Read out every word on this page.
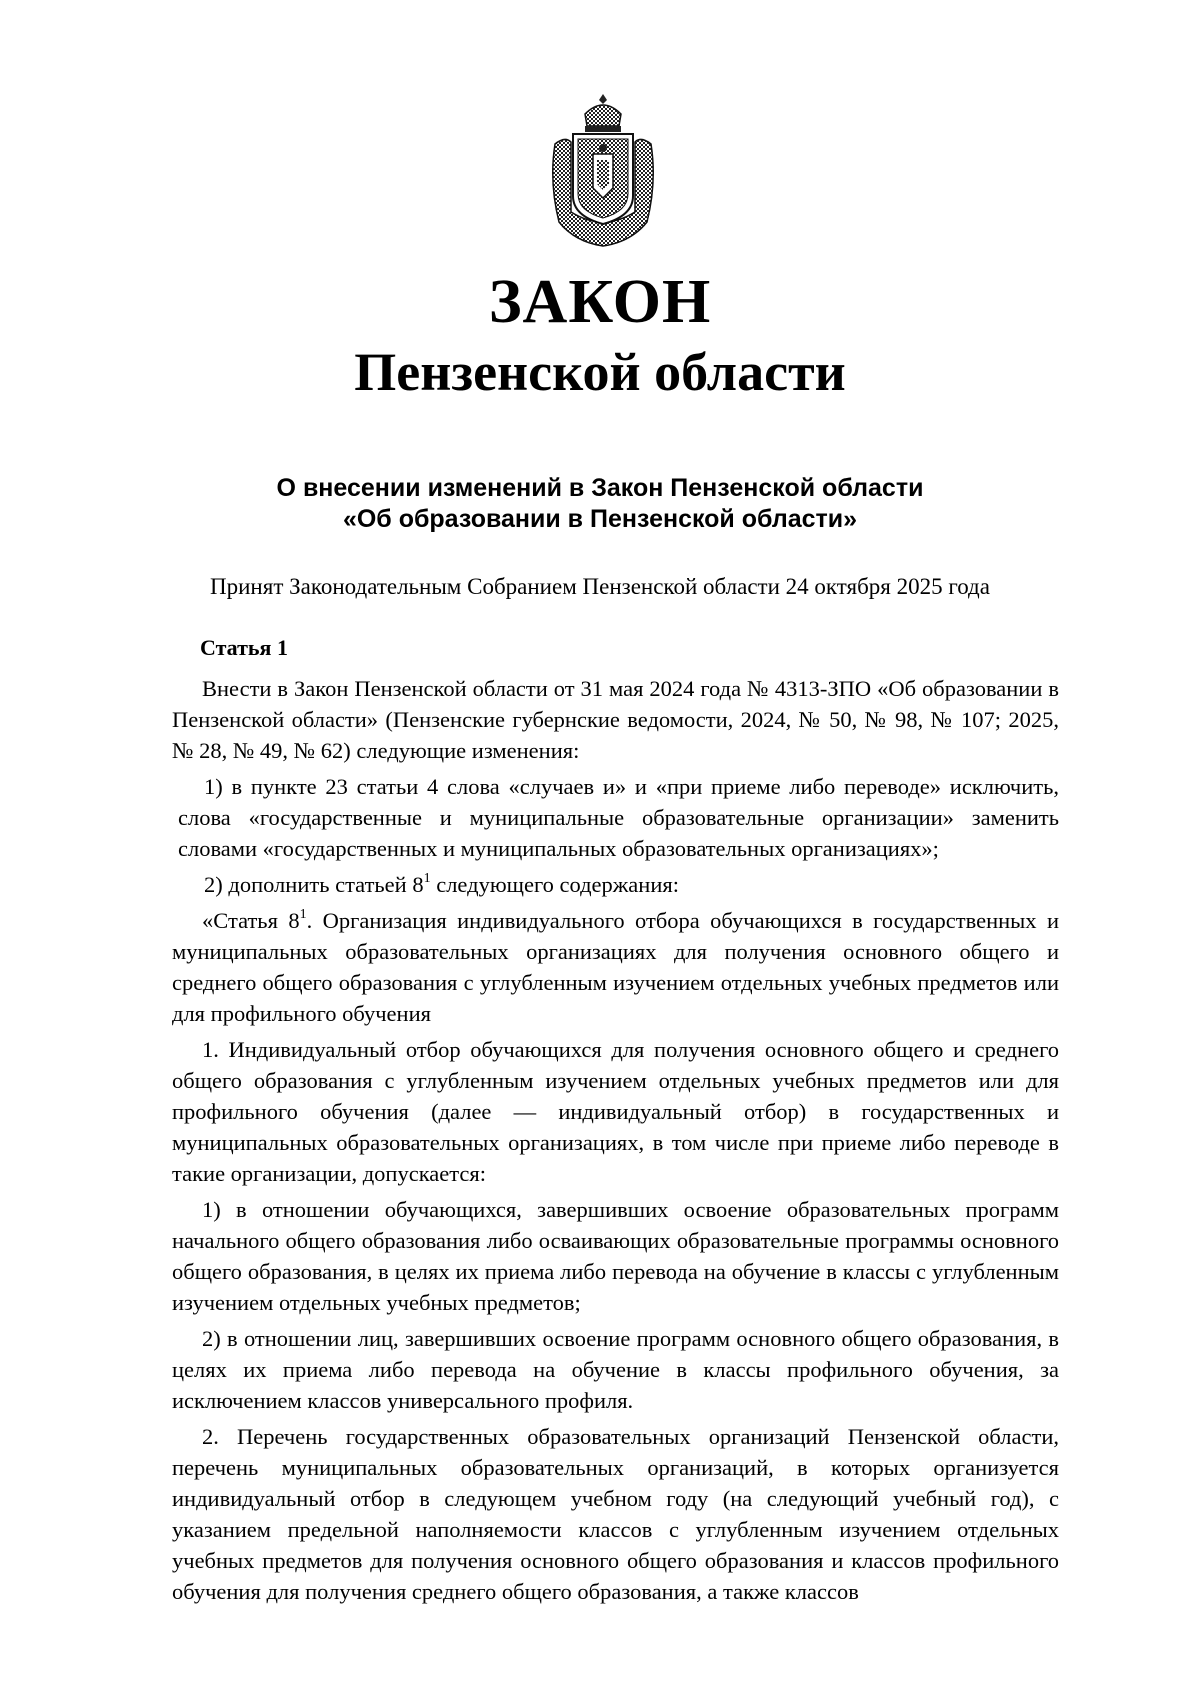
ЗАКОН
Пензенской области
О внесении изменений в Закон Пензенской области
«Об образовании в Пензенской области»
Принят Законодательным Собранием Пензенской области 24 октября 2025 года
Статья 1

Внести в Закон Пензенской области от 31 мая 2024 года № 4313-ЗПО «Об образовании в Пензенской области» (Пензенские губернские ведомости, 2024, № 50, № 98, № 107; 2025, № 28, № 49, № 62) следующие изменения:

1) в пункте 23 статьи 4 слова «случаев и» и «при приеме либо переводе» исключить, слова «государственные и муниципальные образовательные организации» заменить словами «государственных и муниципальных образовательных организациях»;

2) дополнить статьей $8^1$ следующего содержания:

«Статья $8^1$. Организация индивидуального отбора обучающихся в государственных и муниципальных образовательных организациях для получения основного общего и среднего общего образования с углубленным изучением отдельных учебных предметов или для профильного обучения

1. Индивидуальный отбор обучающихся для получения основного общего и среднего общего образования с углубленным изучением отдельных учебных предметов или для профильного обучения (далее — индивидуальный отбор) в государственных и муниципальных образовательных организациях, в том числе при приеме либо переводе в такие организации, допускается:

1) в отношении обучающихся, завершивших освоение образовательных программ начального общего образования либо осваивающих образовательные программы основного общего образования, в целях их приема либо перевода на обучение в классы с углубленным изучением отдельных учебных предметов;

2) в отношении лиц, завершивших освоение программ основного общего образования, в целях их приема либо перевода на обучение в классы профильного обучения, за исключением классов универсального профиля.

2. Перечень государственных образовательных организаций Пензенской области, перечень муниципальных образовательных организаций, в которых организуется индивидуальный отбор в следующем учебном году (на следующий учебный год), с указанием предельной наполняемости классов с углубленным изучением отдельных учебных предметов для получения основного общего образования и классов профильного обучения для получения среднего общего образования, а также классов
